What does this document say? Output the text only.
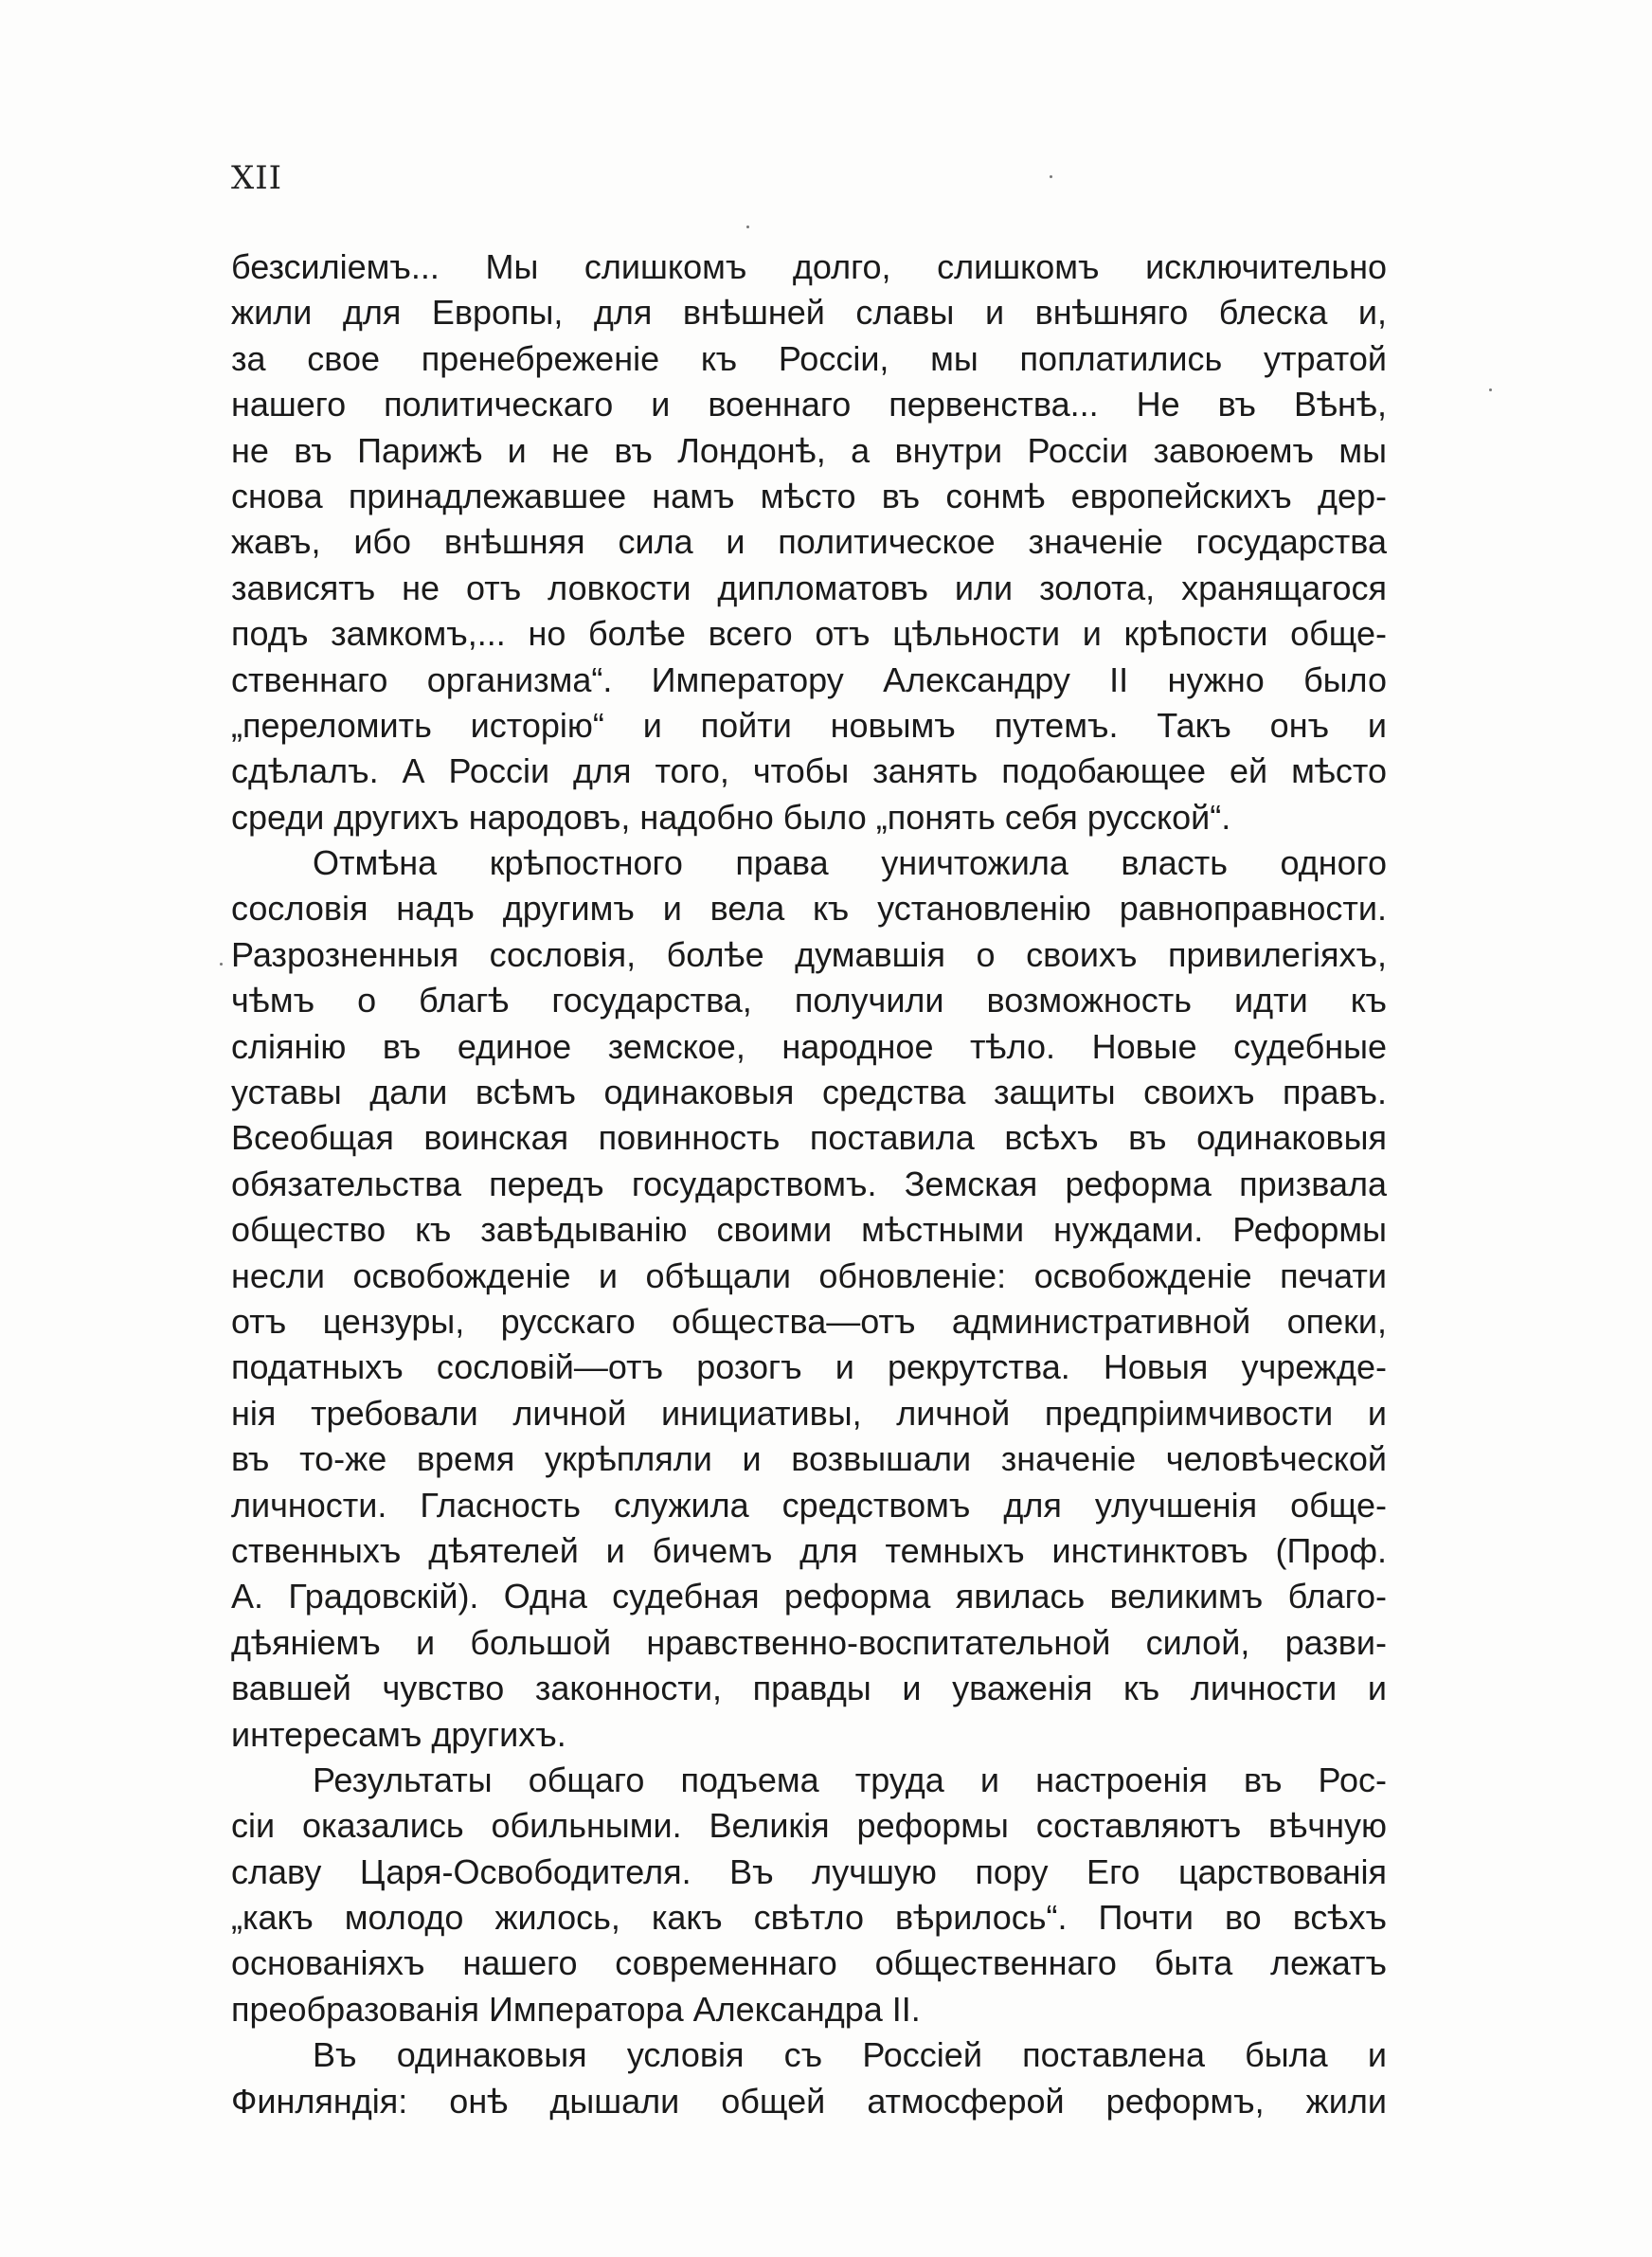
XII
безсиліемъ... Мы слишкомъ долго, слишкомъ исключительно
жили для Европы, для внѣшней славы и внѣшняго блеска и,
за свое пренебреженіе къ Россіи, мы поплатились утратой
нашего политическаго и военнаго первенства... Не въ Вѣнѣ,
не въ Парижѣ и не въ Лондонѣ, а внутри Россіи завоюемъ мы
снова принадлежавшее намъ мѣсто въ сонмѣ европейскихъ дер-
жавъ, ибо внѣшняя сила и политическое значеніе государства
зависятъ не отъ ловкости дипломатовъ или золота, хранящагося
подъ замкомъ,... но болѣе всего отъ цѣльности и крѣпости обще-
ственнаго организма“. Императору Александру II нужно было
„переломить исторію“ и пойти новымъ путемъ. Такъ онъ и
сдѣлалъ. А Россіи для того, чтобы занять подобающее ей мѣсто
среди другихъ народовъ, надобно было „понять себя русской“.
Отмѣна крѣпостного права уничтожила власть одного
сословія надъ другимъ и вела къ установленію равноправности.
Разрозненныя сословія, болѣе думавшія о своихъ привилегіяхъ,
чѣмъ о благѣ государства, получили возможность идти къ
сліянію въ единое земское, народное тѣло. Новые судебные
уставы дали всѣмъ одинаковыя средства защиты своихъ правъ.
Всеобщая воинская повинность поставила всѣхъ въ одинаковыя
обязательства передъ государствомъ. Земская реформа призвала
общество къ завѣдыванію своими мѣстными нуждами. Реформы
несли освобожденіе и обѣщали обновленіе: освобожденіе печати
отъ цензуры, русскаго общества—отъ административной опеки,
податныхъ сословій—отъ розогъ и рекрутства. Новыя учрежде-
нія требовали личной инициативы, личной предпріимчивости и
въ то-же время укрѣпляли и возвышали значеніе человѣческой
личности. Гласность служила средствомъ для улучшенія обще-
ственныхъ дѣятелей и бичемъ для темныхъ инстинктовъ (Проф.
А. Градовскій). Одна судебная реформа явилась великимъ благо-
дѣяніемъ и большой нравственно-воспитательной силой, разви-
вавшей чувство законности, правды и уваженія къ личности и
интересамъ другихъ.
Результаты общаго подъема труда и настроенія въ Рос-
сіи оказались обильными. Великія реформы составляютъ вѣчную
славу Царя-Освободителя. Въ лучшую пору Его царствованія
„какъ молодо жилось, какъ свѣтло вѣрилось“. Почти во всѣхъ
основаніяхъ нашего современнаго общественнаго быта лежатъ
преобразованія Императора Александра II.
Въ одинаковыя условія съ Россіей поставлена была и
Финляндія: онѣ дышали общей атмосферой реформъ, жили
